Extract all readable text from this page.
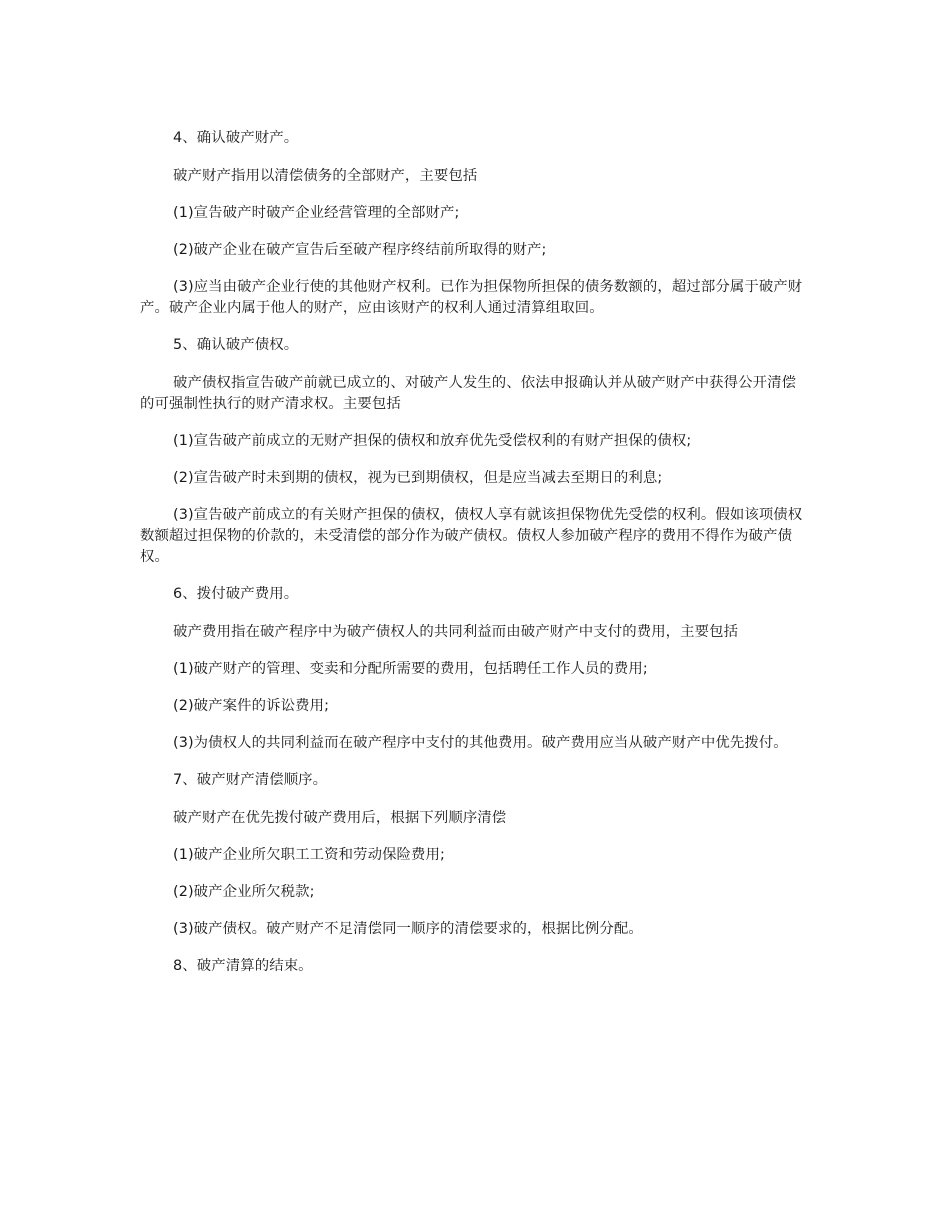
4、确认破产财产。

破产财产指用以清偿债务的全部财产，主要包括

(1)宣告破产时破产企业经营管理的全部财产;

(2)破产企业在破产宣告后至破产程序终结前所取得的财产;

(3)应当由破产企业行使的其他财产权利。已作为担保物所担保的债务数额的，超过部分属于破产财产。破产企业内属于他人的财产，应由该财产的权利人通过清算组取回。

5、确认破产债权。

破产债权指宣告破产前就已成立的、对破产人发生的、依法申报确认并从破产财产中获得公开清偿的可强制性执行的财产清求权。主要包括

(1)宣告破产前成立的无财产担保的债权和放弃优先受偿权利的有财产担保的债权;

(2)宣告破产时未到期的债权，视为已到期债权，但是应当减去至期日的利息;

(3)宣告破产前成立的有关财产担保的债权，债权人享有就该担保物优先受偿的权利。假如该项债权数额超过担保物的价款的，未受清偿的部分作为破产债权。债权人参加破产程序的费用不得作为破产债权。

6、拨付破产费用。

破产费用指在破产程序中为破产债权人的共同利益而由破产财产中支付的费用，主要包括

(1)破产财产的管理、变卖和分配所需要的费用，包括聘任工作人员的费用;

(2)破产案件的诉讼费用;

(3)为债权人的共同利益而在破产程序中支付的其他费用。破产费用应当从破产财产中优先拨付。

7、破产财产清偿顺序。

破产财产在优先拨付破产费用后，根据下列顺序清偿

(1)破产企业所欠职工工资和劳动保险费用;

(2)破产企业所欠税款;

(3)破产债权。破产财产不足清偿同一顺序的清偿要求的，根据比例分配。

8、破产清算的结束。
